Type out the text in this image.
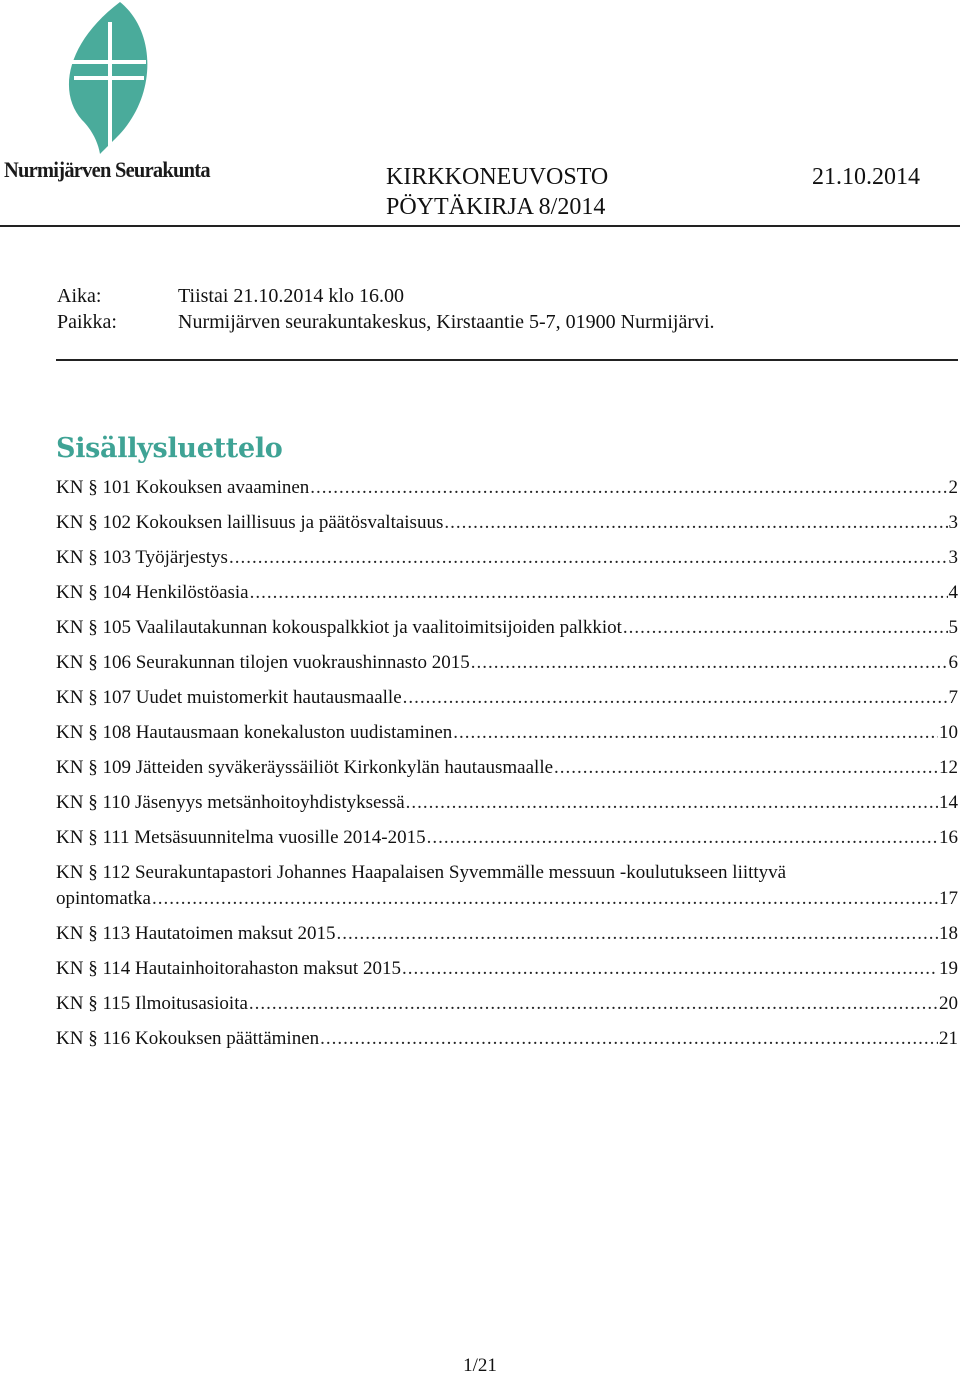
Nurmijärven Seurakunta	KIRKKONEUVOSTO
PÖYTÄKIRJA 8/2014
21.10.2014
Aika:	Tiistai 21.10.2014 klo 16.00
Paikka:	Nurmijärven seurakuntakeskus, Kirstaantie 5-7, 01900 Nurmijärvi.
Sisällysluettelo
KN § 101 Kokouksen avaaminen .....	2
KN § 102 Kokouksen laillisuus ja päätösvaltaisuus .....	3
KN § 103 Työjärjestys .....	3
KN § 104 Henkilöstöasia .....	4
KN § 105 Vaalilautakunnan kokouspalkkiot ja vaalitoimitsijoiden palkkiot .....	5
KN § 106 Seurakunnan tilojen vuokraushinnasto 2015 .....	6
KN § 107 Uudet muistomerkit hautausmaalle .....	7
KN § 108 Hautausmaan konekaluston uudistaminen .....	10
KN § 109 Jätteiden syväkeräyssäiliöt Kirkonkylän hautausmaalle .....	12
KN § 110 Jäsenyys metsänhoitoyhdistyksessä .....	14
KN § 111 Metsäsuunnitelma vuosille 2014-2015 .....	16
KN § 112 Seurakuntapastori Johannes Haapalaisen Syvemmälle messuun -koulutukseen liittyvä
opintomatka .....	17
KN § 113 Hautatoimen maksut 2015 .....	18
KN § 114 Hautainhoitorahaston maksut 2015 .....	19
KN § 115 Ilmoitusasioita .....	20
KN § 116 Kokouksen päättäminen .....	21
1/21
